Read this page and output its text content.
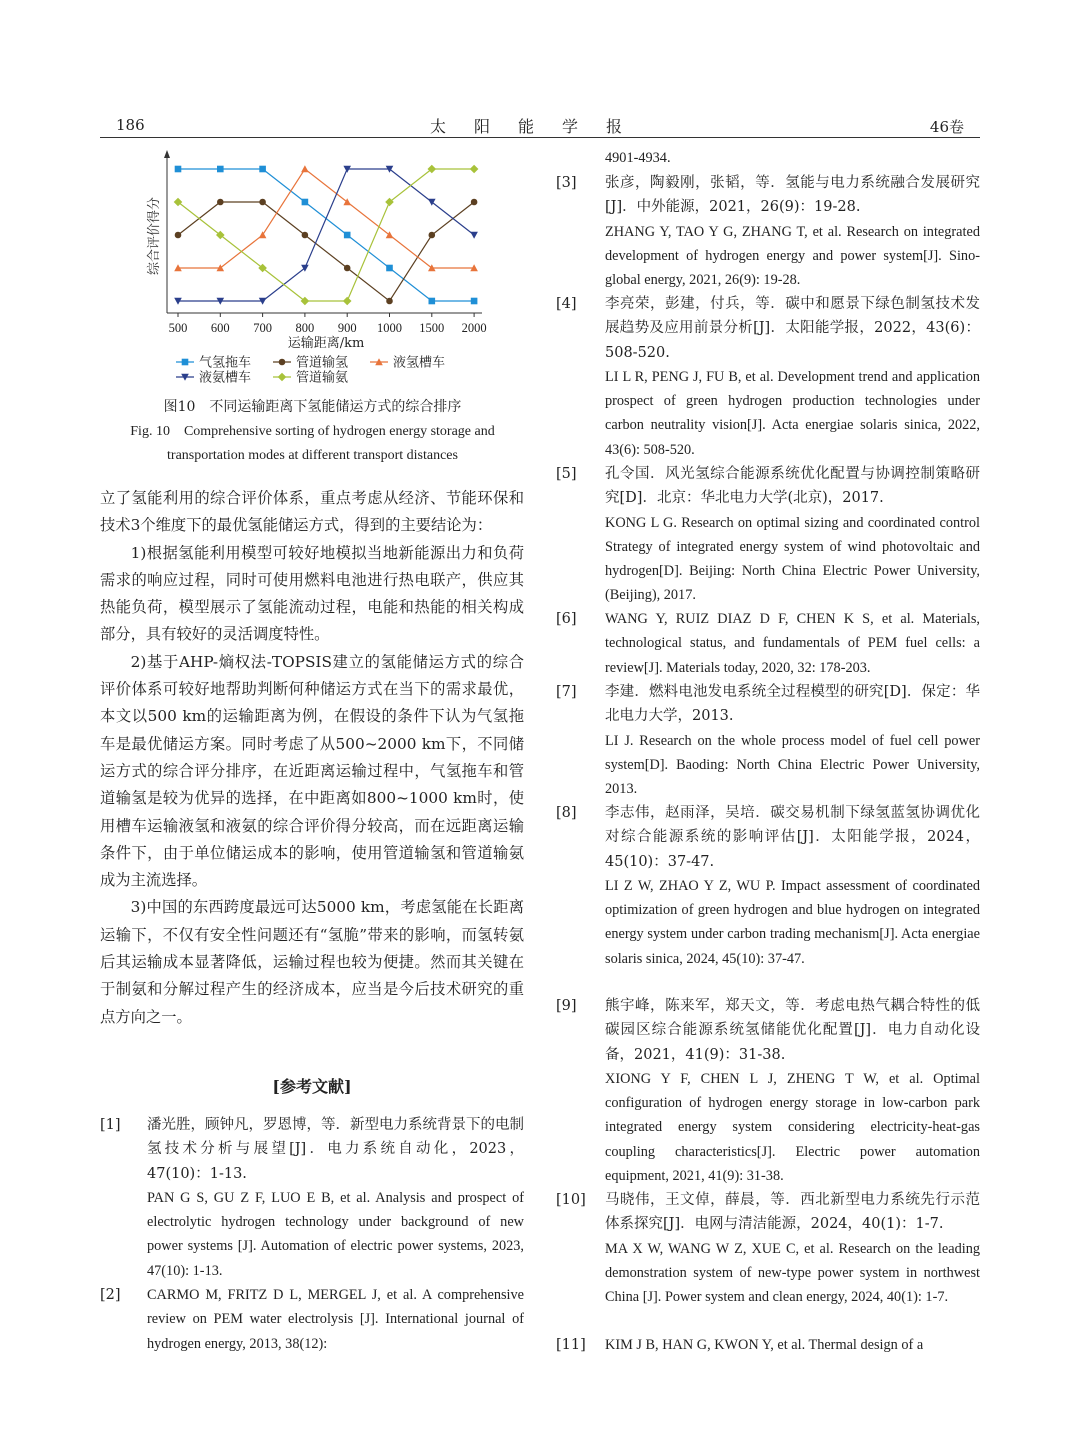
186	太阳能学报	46卷
综合评价得分
500 600 700 800 900 1000 1500 2000
运输距离/km
气氢拖车	管道输氢	液氢槽车
液氨槽车	管道输氨
图10　不同运输距离下氢能储运方式的综合排序
Fig. 10　Comprehensive sorting of hydrogen energy storage and transportation modes at different transport distances

立了氢能利用的综合评价体系，重点考虑从经济、节能环保和技术3个维度下的最优氢能储运方式，得到的主要结论为：

1)根据氢能利用模型可较好地模拟当地新能源出力和负荷需求的响应过程，同时可使用燃料电池进行热电联产，供应其热能负荷，模型展示了氢能流动过程，电能和热能的相关构成部分，具有较好的灵活调度特性。

2)基于AHP-熵权法-TOPSIS建立的氢能储运方式的综合评价体系可较好地帮助判断何种储运方式在当下的需求最优，本文以500 km的运输距离为例，在假设的条件下认为气氢拖车是最优储运方案。同时考虑了从500~2000 km下，不同储运方式的综合评分排序，在近距离运输过程中，气氢拖车和管道输氢是较为优异的选择，在中距离如800~1000 km时，使用槽车运输液氢和液氨的综合评价得分较高，而在远距离运输条件下，由于单位储运成本的影响，使用管道输氢和管道输氨成为主流选择。

3)中国的东西跨度最远可达5000 km，考虑氢能在长距离运输下，不仅有安全性问题还有“氢脆”带来的影响，而氢转氨后其运输成本显著降低，运输过程也较为便捷。然而其关键在于制氨和分解过程产生的经济成本，应当是今后技术研究的重点方向之一。

[参考文献]
[1] 潘光胜，顾钟凡，罗恩博，等．新型电力系统背景下的电制氢技术分析与展望[J]．电力系统自动化，2023，47(10)：1-13.
PAN G S, GU Z F, LUO E B, et al. Analysis and prospect of electrolytic hydrogen technology under background of new power systems [J]. Automation of electric power systems, 2023, 47(10): 1-13.
[2] CARMO M, FRITZ D L, MERGEL J, et al. A comprehensive review on PEM water electrolysis [J]. International journal of hydrogen energy, 2013, 38(12):
4901-4934.
[3] 张彦，陶毅刚，张韬，等．氢能与电力系统融合发展研究[J]．中外能源，2021，26(9)：19-28.
ZHANG Y, TAO Y G, ZHANG T, et al. Research on integrated development of hydrogen energy and power system[J]. Sino-global energy, 2021, 26(9): 19-28.
[4] 李亮荣，彭建，付兵，等．碳中和愿景下绿色制氢技术发展趋势及应用前景分析[J]．太阳能学报，2022，43(6)：508-520.
LI L R, PENG J, FU B, et al. Development trend and application prospect of green hydrogen production technologies under carbon neutrality vision[J]. Acta energiae solaris sinica, 2022, 43(6): 508-520.
[5] 孔令国．风光氢综合能源系统优化配置与协调控制策略研究[D]．北京：华北电力大学(北京)，2017.
KONG L G. Research on optimal sizing and coordinated control Strategy of integrated energy system of wind photovoltaic and hydrogen[D]. Beijing: North China Electric Power University, (Beijing), 2017.
[6] WANG Y, RUIZ DIAZ D F, CHEN K S, et al. Materials, technological status, and fundamentals of PEM fuel cells: a review[J]. Materials today, 2020, 32: 178-203.
[7] 李建．燃料电池发电系统全过程模型的研究[D]．保定：华北电力大学，2013.
LI J. Research on the whole process model of fuel cell power system[D]. Baoding: North China Electric Power University, 2013.
[8] 李志伟，赵雨泽，吴培．碳交易机制下绿氢蓝氢协调优化对综合能源系统的影响评估[J]．太阳能学报，2024，45(10)：37-47.
LI Z W, ZHAO Y Z, WU P. Impact assessment of coordinated optimization of green hydrogen and blue hydrogen on integrated energy system under carbon trading mechanism[J]. Acta energiae solaris sinica, 2024, 45(10): 37-47.
[9] 熊宇峰，陈来军，郑天文，等．考虑电热气耦合特性的低碳园区综合能源系统氢储能优化配置[J]．电力自动化设备，2021，41(9)：31-38.
XIONG Y F, CHEN L J, ZHENG T W, et al. Optimal configuration of hydrogen energy storage in low-carbon park integrated energy system considering electricity-heat-gas coupling characteristics[J]. Electric power automation equipment, 2021, 41(9): 31-38.
[10] 马晓伟，王文倬，薛晨，等．西北新型电力系统先行示范体系探究[J]．电网与清洁能源，2024，40(1)：1-7.
MA X W, WANG W Z, XUE C, et al. Research on the leading demonstration system of new-type power system in northwest China [J]. Power system and clean energy, 2024, 40(1): 1-7.
[11] KIM J B, HAN G, KWON Y, et al. Thermal design of a
